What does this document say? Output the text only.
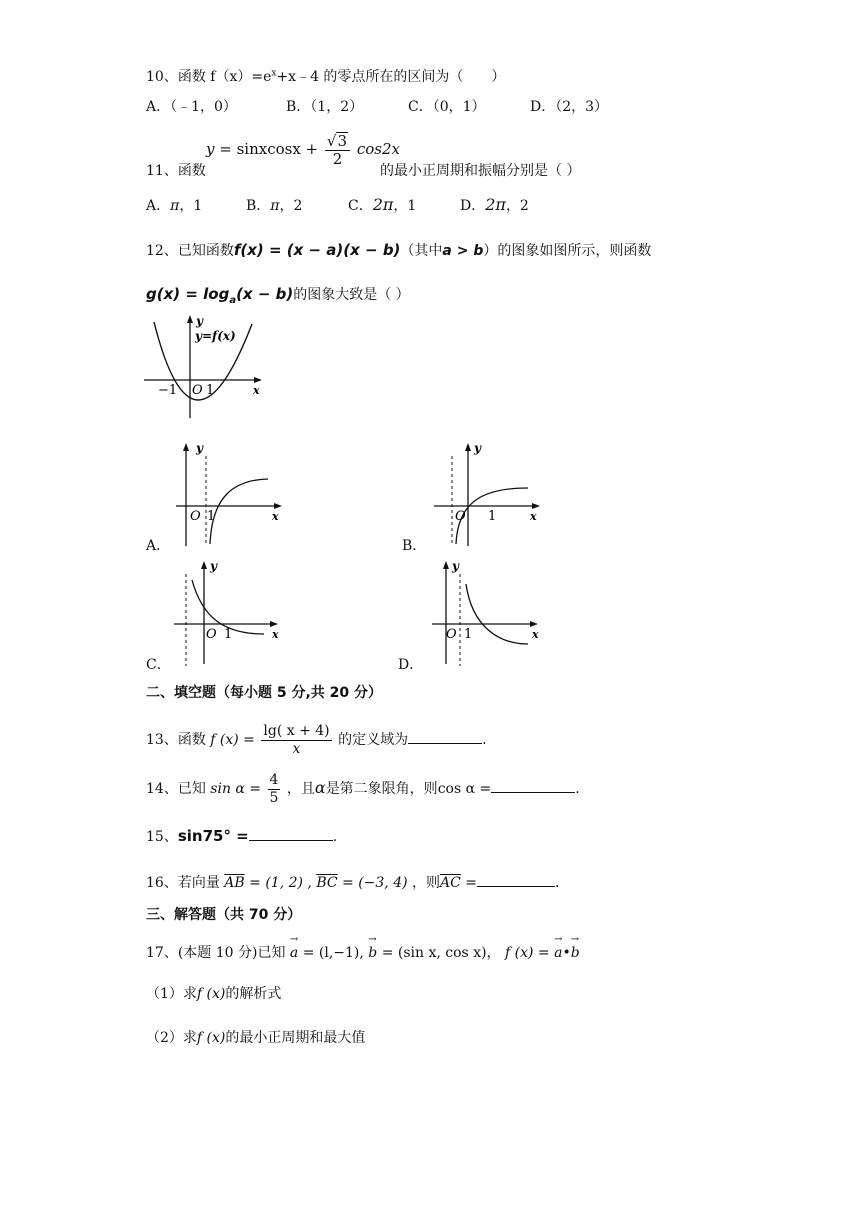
10、函数 $f(x)=e^x+x﹣4$ 的零点所在的区间为（　　）
A．（﹣1，0）	B．（1，2）	C．（0，1）	D．（2，3）
11、函数
y = sinxcosx + $\frac{√3}{2} \cos 2x$
的最小正周期和振幅分别是（ ）
A．π，1	B．π，2	C．2π，1	D．2π，2
12、已知函数f(x) = (x − a)(x − b)（其中a > b）的图象如图所示，则函数
$g(x) = \log_a(x - b)$的图象大致是（ ）
y
y=f(x)
−1 O 1	x
A．
y
O 1	x
B．
y
O 1	x
C．
y
O 1	x
D．
y
O 1	x
二、填空题（每小题 5 分,共 20 分）
13、函数 f $(x) = \frac{\lg( x + 4)}{x}$ 的定义域为	.
14、已知 $\sin \alpha = \frac{4}{5}$ ，且α是第二象限角，则cos α =	.
15、sin75° =	.
16、若向量 $\overline{AB} = (1$, 2) , $\overline{BC} = (-3$, 4) ，则$\overline{AC}$ =	.
三、解答题（共 70 分）
17、(本题 10 分)已知 → a = (l,−1), → b = (sin x, cos x)， f (x) = → a•→ b
（1）求f (x)的解析式
（2）求f (x)的最小正周期和最大值
